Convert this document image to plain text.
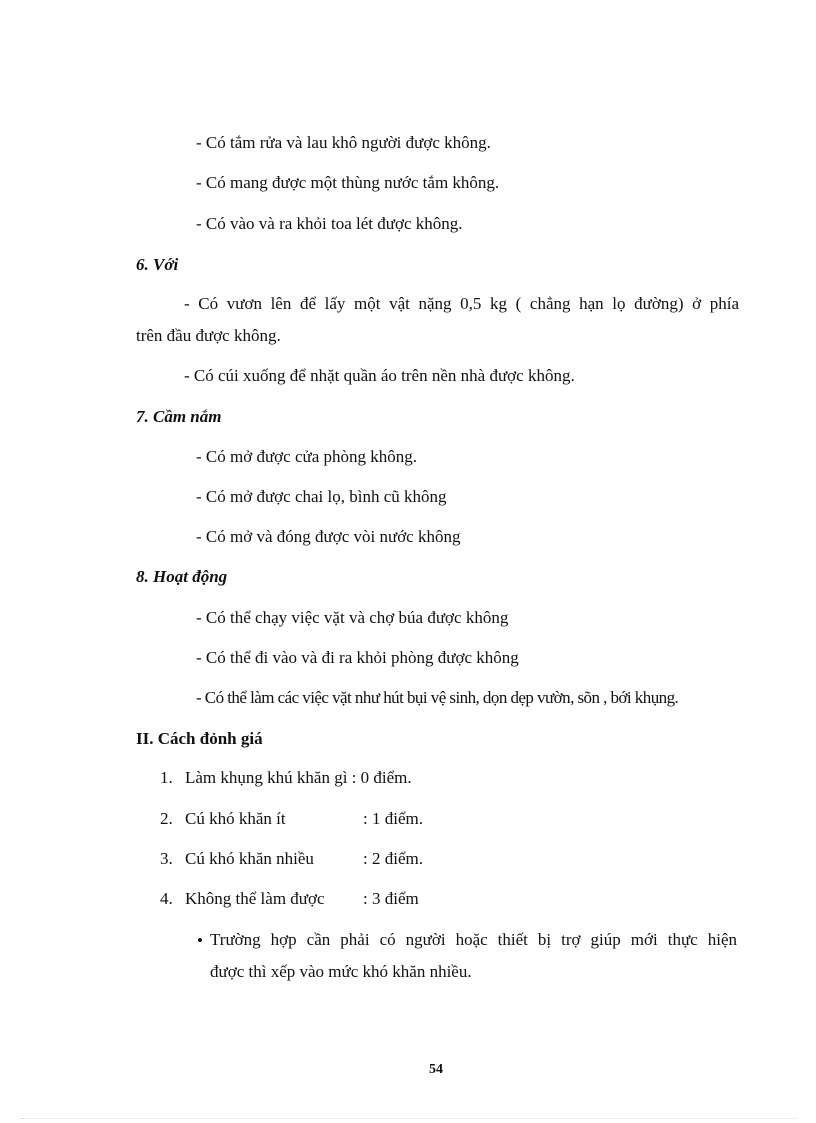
- Có tắm rửa và lau khô người được không.
- Có mang được một thùng nước tắm không.
- Có vào và ra khỏi toa lét được không.
6. Với
- Có vươn lên để lấy một vật nặng 0,5 kg ( chẳng hạn lọ đường) ở phía
trên đầu được không.
- Có cúi xuống để nhặt quần áo trên nền nhà được không.
7. Cầm nắm
- Có mở được cửa phòng không.
- Có mở được chai lọ, bình cũ không
- Có mở và đóng được vòi nước không
8. Hoạt động
- Có thể chạy việc vặt và chợ búa được không
- Có thể đi vào và đi ra khỏi phòng được không
- Có thể làm các việc vặt như hút bụi vệ sinh, dọn dẹp vườn, sõn , bới khụng.
II. Cách đỏnh giá
1. Làm khụng khú khăn gì : 0 điểm.
2. Cú khó khăn ít	: 1 điểm.
3. Cú khó khăn nhiều	: 2 điểm.
4. Không thể làm được : 3 điểm
• Trường hợp cần phải có người hoặc thiết bị trợ giúp mới thực hiện
được thì xếp vào mức khó khăn nhiều.
54
